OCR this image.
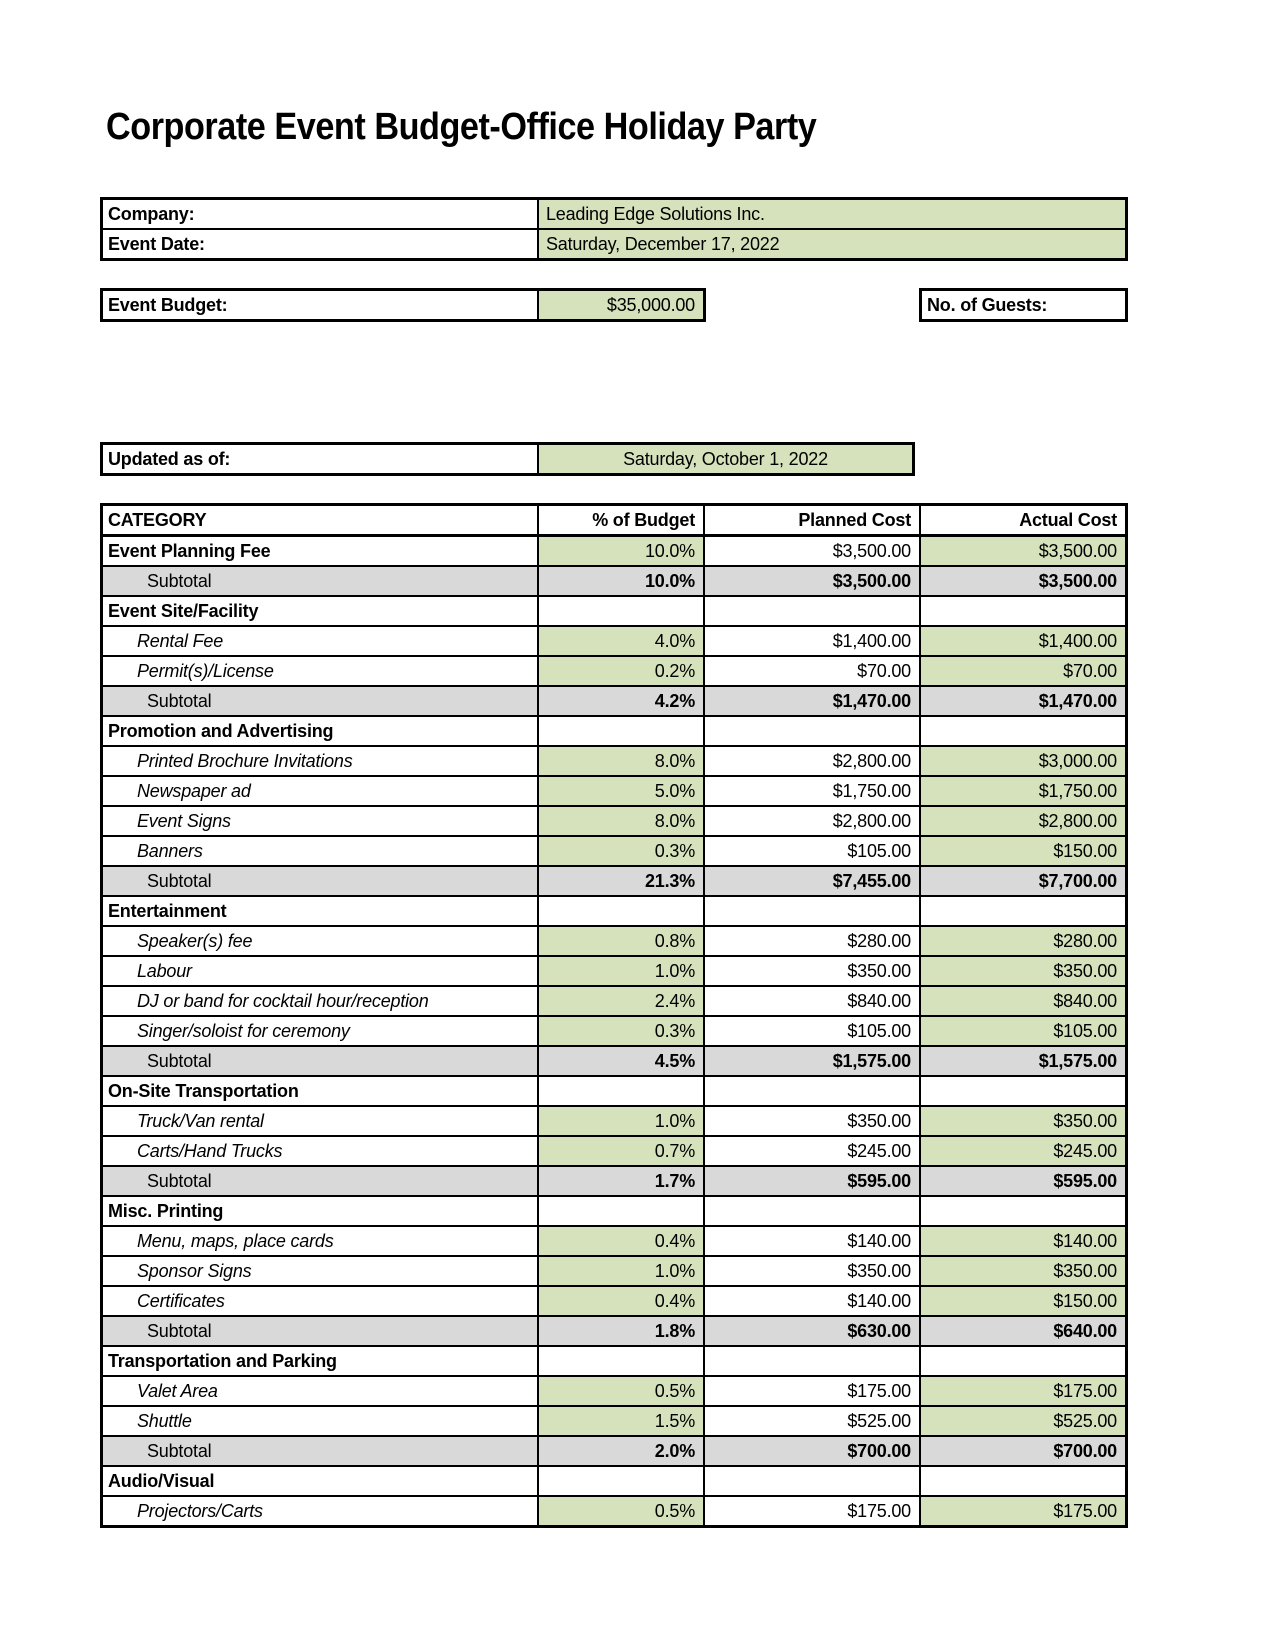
Corporate Event Budget-Office Holiday Party
Company:	Leading Edge Solutions Inc.
Event Date:	Saturday, December 17, 2022
Event Budget:	$35,000.00	No. of Guests:
Updated as of:	Saturday, October 1, 2022
CATEGORY	% of Budget	Planned Cost	Actual Cost
Event Planning Fee	10.0%	$3,500.00	$3,500.00
Subtotal	10.0%	$3,500.00	$3,500.00
Event Site/Facility
Rental Fee	4.0%	$1,400.00	$1,400.00
Permit(s)/License	0.2%	$70.00	$70.00
Subtotal	4.2%	$1,470.00	$1,470.00
Promotion and Advertising
Printed Brochure Invitations	8.0%	$2,800.00	$3,000.00
Newspaper ad	5.0%	$1,750.00	$1,750.00
Event Signs	8.0%	$2,800.00	$2,800.00
Banners	0.3%	$105.00	$150.00
Subtotal	21.3%	$7,455.00	$7,700.00
Entertainment
Speaker(s) fee	0.8%	$280.00	$280.00
Labour	1.0%	$350.00	$350.00
DJ or band for cocktail hour/reception	2.4%	$840.00	$840.00
Singer/soloist for ceremony	0.3%	$105.00	$105.00
Subtotal	4.5%	$1,575.00	$1,575.00
On-Site Transportation
Truck/Van rental	1.0%	$350.00	$350.00
Carts/Hand Trucks	0.7%	$245.00	$245.00
Subtotal	1.7%	$595.00	$595.00
Misc. Printing
Menu, maps, place cards	0.4%	$140.00	$140.00
Sponsor Signs	1.0%	$350.00	$350.00
Certificates	0.4%	$140.00	$150.00
Subtotal	1.8%	$630.00	$640.00
Transportation and Parking
Valet Area	0.5%	$175.00	$175.00
Shuttle	1.5%	$525.00	$525.00
Subtotal	2.0%	$700.00	$700.00
Audio/Visual
Projectors/Carts	0.5%	$175.00	$175.00
